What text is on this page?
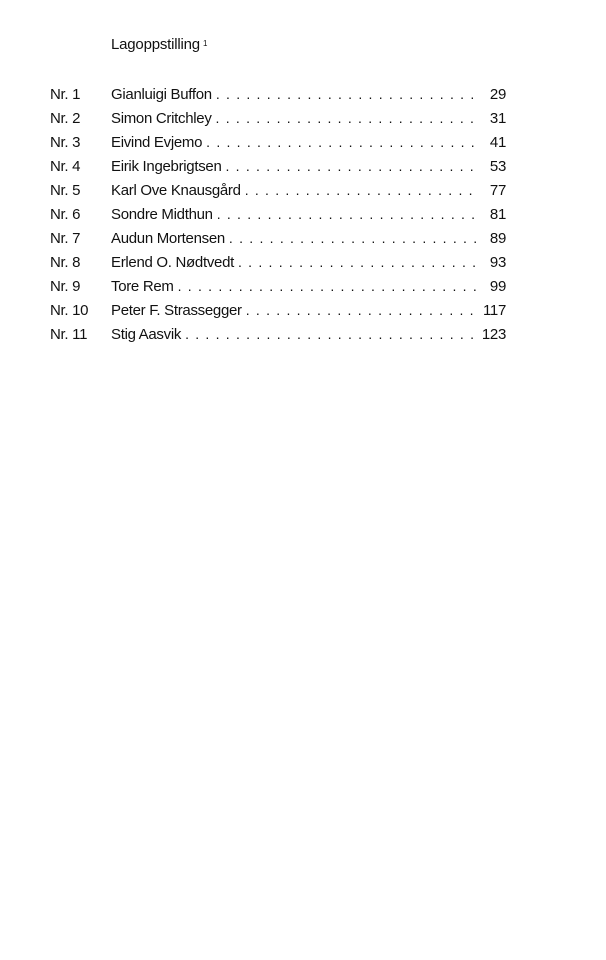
Lagoppstilling $^1$
Nr. 1	Gianluigi Buffon . . .	29
Nr. 2	Simon Critchley . . .	31
Nr. 3	Eivind Evjemo . . .	41
Nr. 4	Eirik Ingebrigtsen . . .	53
Nr. 5	Karl Ove Knausgård . . .	77
Nr. 6	Sondre Midthun . . .	81
Nr. 7	Audun Mortensen . . .	89
Nr. 8	Erlend O. Nødtvedt . . .	93
Nr. 9	Tore Rem . . .	99
Nr. 10	Peter F. Strassegger . . .	117
Nr. 11	Stig Aasvik . . .	123
